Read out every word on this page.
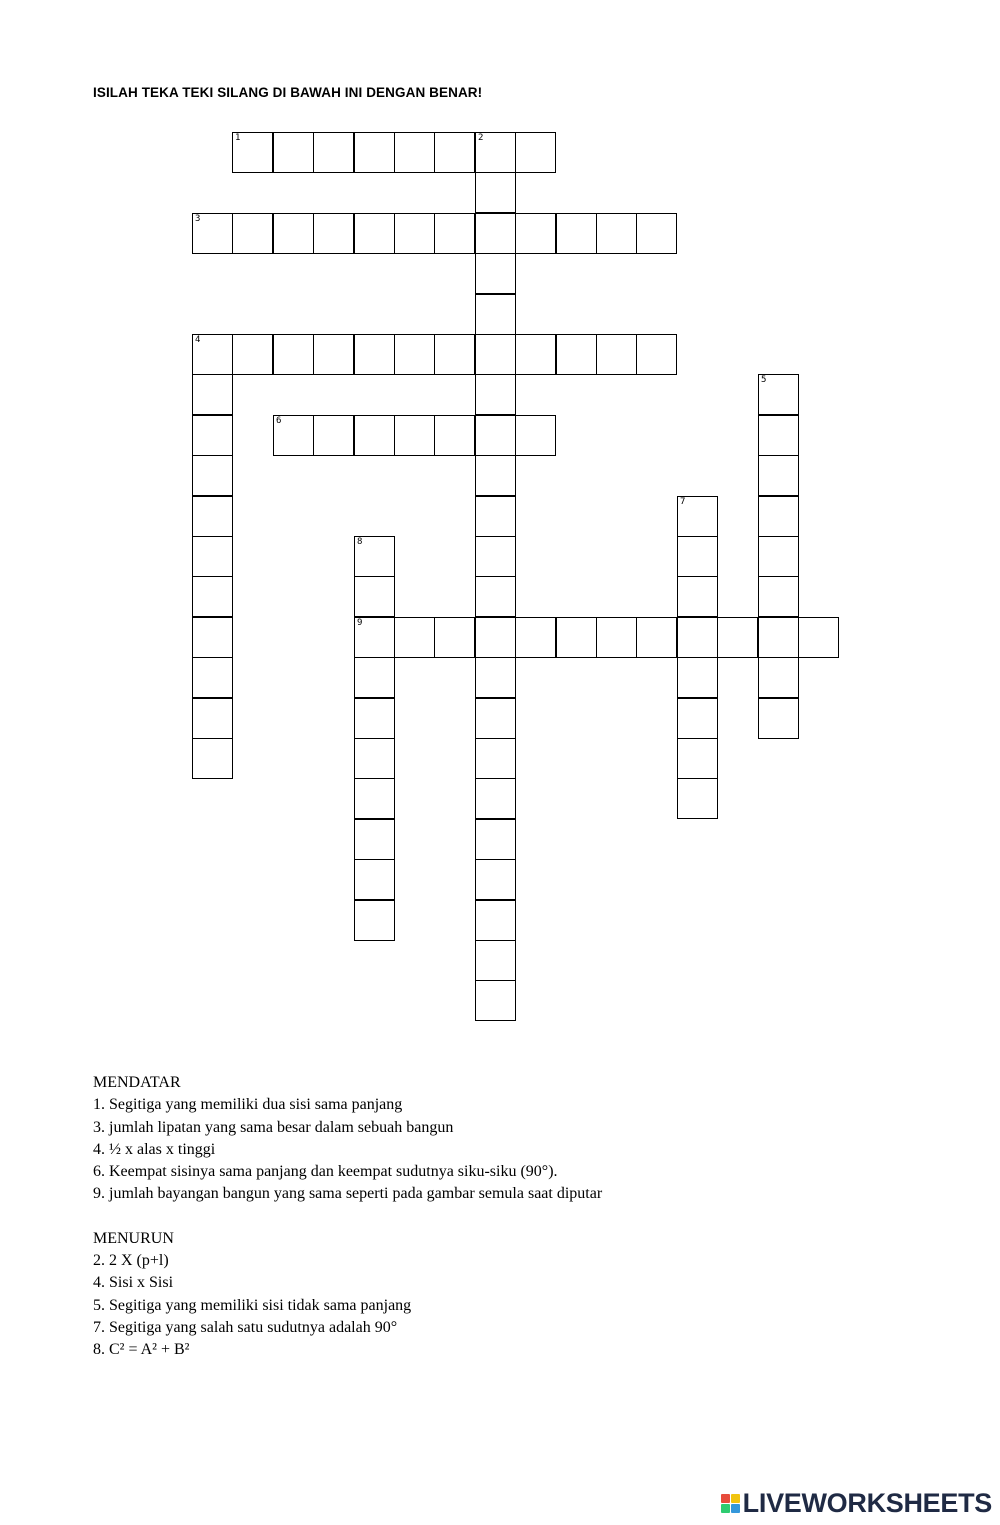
ISILAH TEKA TEKI SILANG DI BAWAH INI DENGAN BENAR!
1	2
3
4
5
6
7
8
9

MENDATAR

1. Segitiga yang memiliki dua sisi sama panjang

3. jumlah lipatan yang sama besar dalam sebuah bangun

4. ½ x alas x tinggi

6. Keempat sisinya sama panjang dan keempat sudutnya siku-siku (90°).

9. jumlah bayangan bangun yang sama seperti pada gambar semula saat diputar

MENURUN

2. 2 X (p+l)

4. Sisi x Sisi

5. Segitiga yang memiliki sisi tidak sama panjang

7. Segitiga yang salah satu sudutnya adalah 90°

8. C² = A² + B²

LIVEWORKSHEETS
